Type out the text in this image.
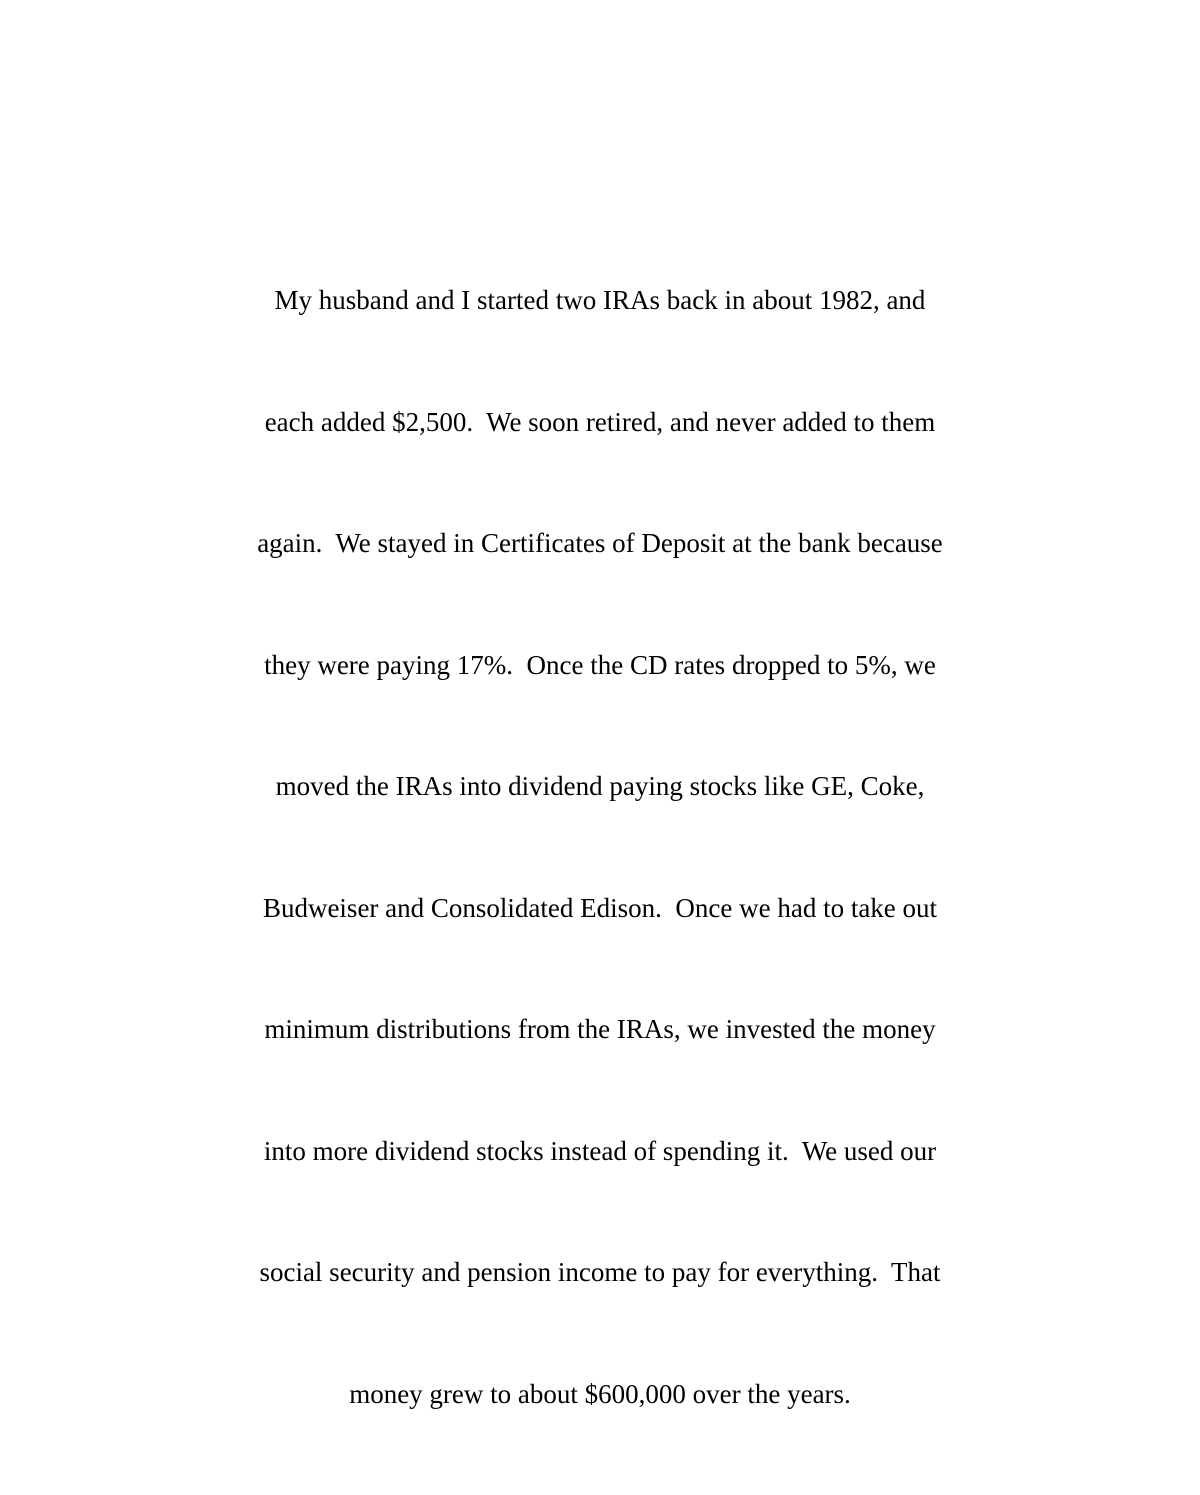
My husband and I started two IRAs back in about 1982, and

each added $2,500.  We soon retired, and never added to them

again.  We stayed in Certificates of Deposit at the bank because

they were paying 17%.  Once the CD rates dropped to 5%, we

moved the IRAs into dividend paying stocks like GE, Coke,

Budweiser and Consolidated Edison.  Once we had to take out

minimum distributions from the IRAs, we invested the money

into more dividend stocks instead of spending it.  We used our

social security and pension income to pay for everything.  That

money grew to about $600,000 over the years.
